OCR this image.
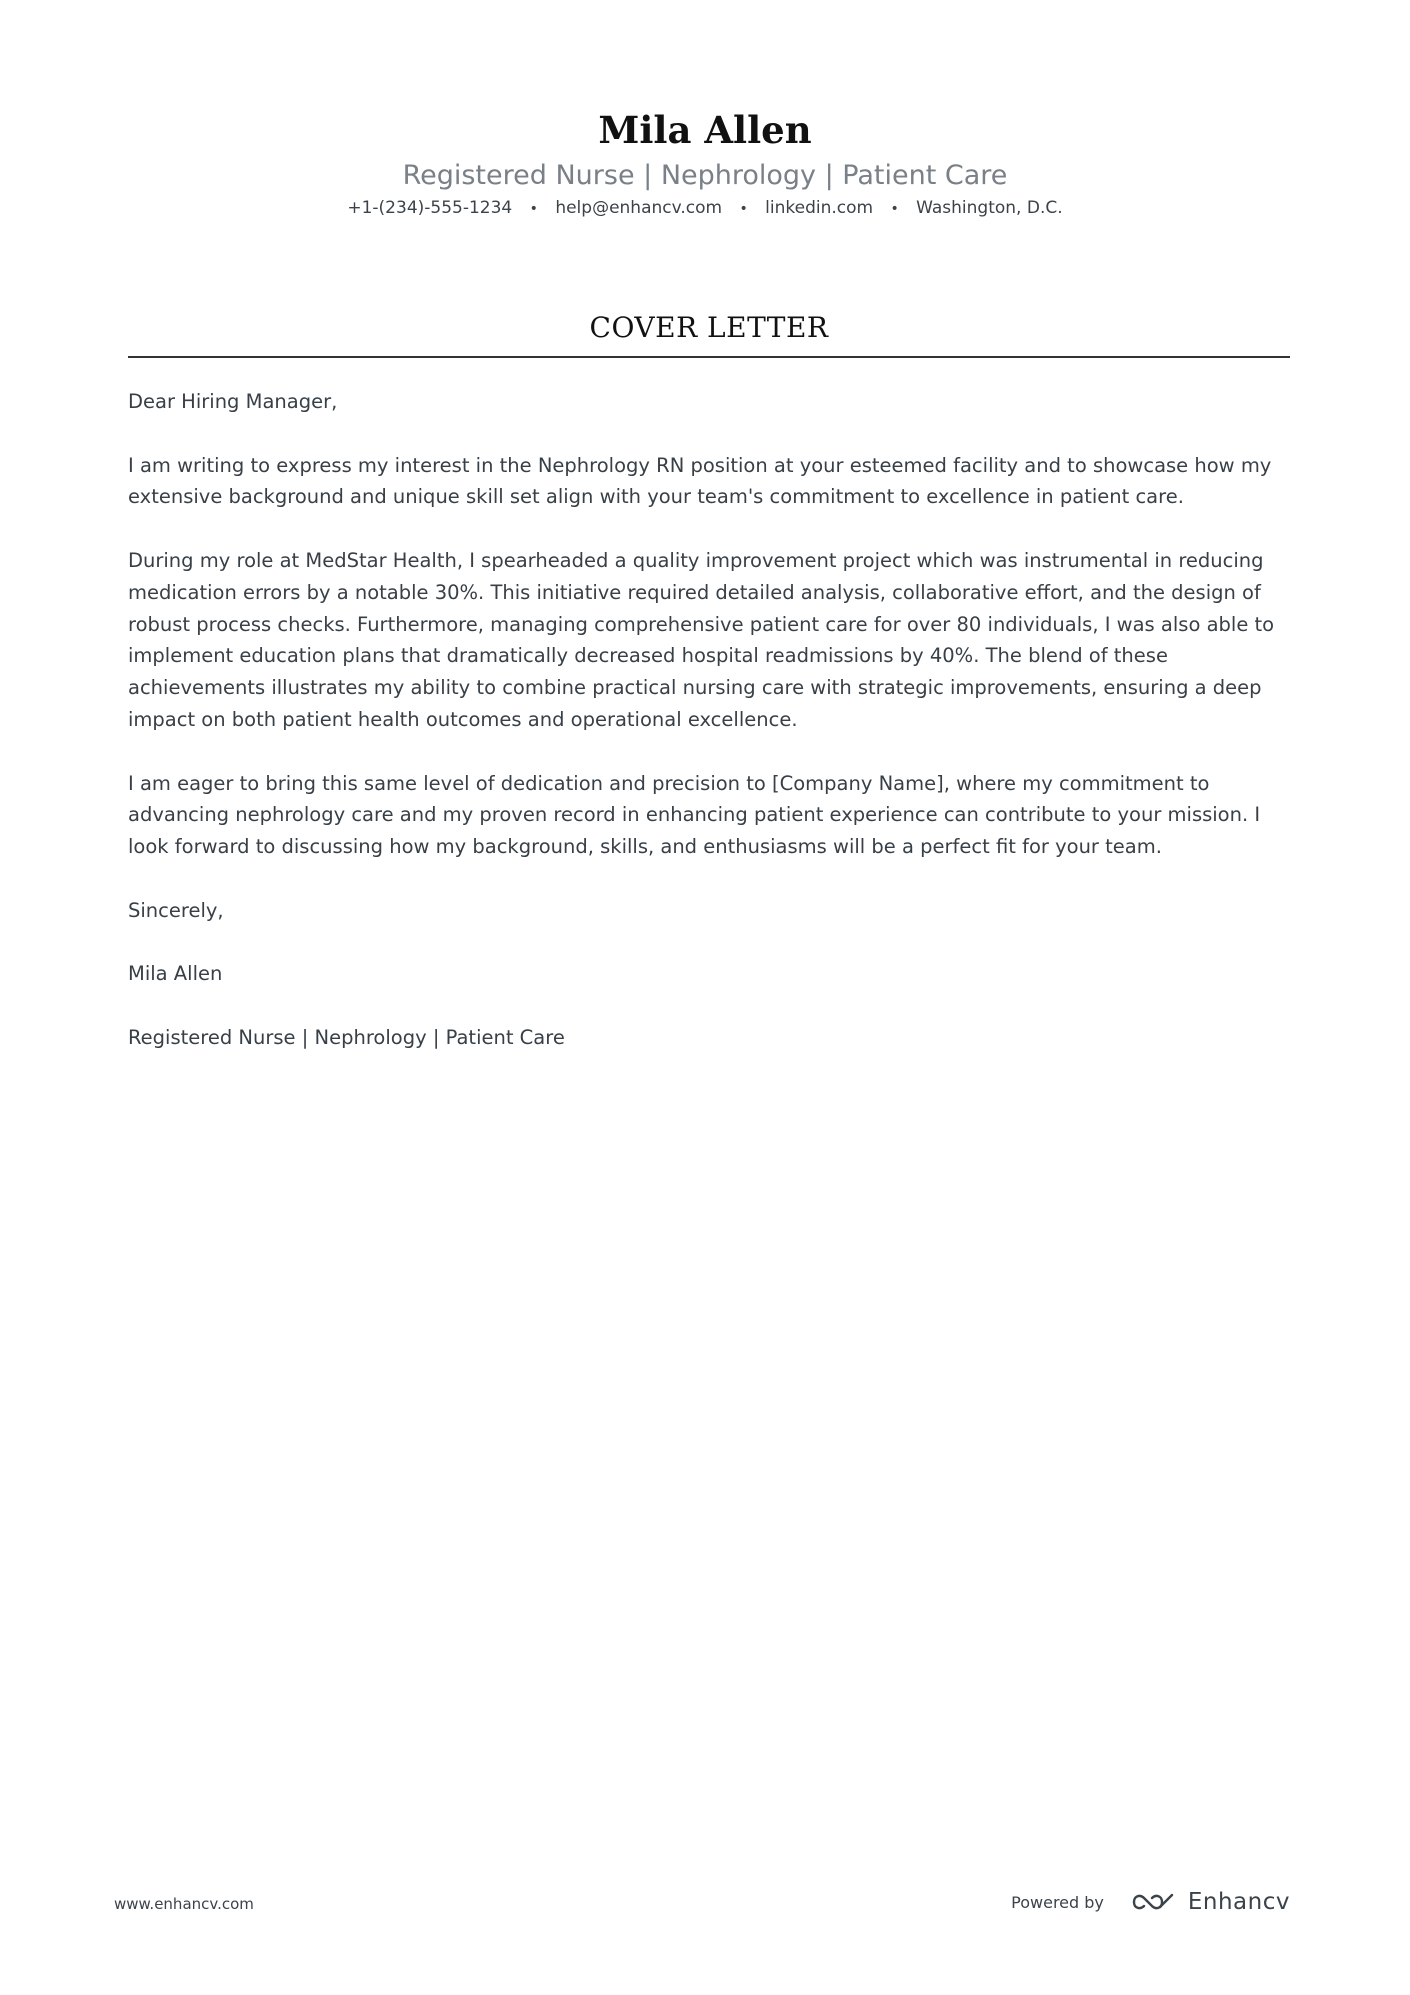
Mila Allen
Registered Nurse | Nephrology | Patient Care
+1-(234)-555-1234 • help@enhancv.com • linkedin.com • Washington, D.C.
COVER LETTER

Dear Hiring Manager,

I am writing to express my interest in the Nephrology RN position at your esteemed facility and to showcase how my extensive background and unique skill set align with your team's commitment to excellence in patient care.

During my role at MedStar Health, I spearheaded a quality improvement project which was instrumental in reducing medication errors by a notable 30%. This initiative required detailed analysis, collaborative effort, and the design of robust process checks. Furthermore, managing comprehensive patient care for over 80 individuals, I was also able to implement education plans that dramatically decreased hospital readmissions by 40%. The blend of these achievements illustrates my ability to combine practical nursing care with strategic improvements, ensuring a deep impact on both patient health outcomes and operational excellence.

I am eager to bring this same level of dedication and precision to [Company Name], where my commitment to advancing nephrology care and my proven record in enhancing patient experience can contribute to your mission. I look forward to discussing how my background, skills, and enthusiasms will be a perfect fit for your team.

Sincerely,

Mila Allen

Registered Nurse | Nephrology | Patient Care

www.enhancv.com	Powered by	Enhancv
